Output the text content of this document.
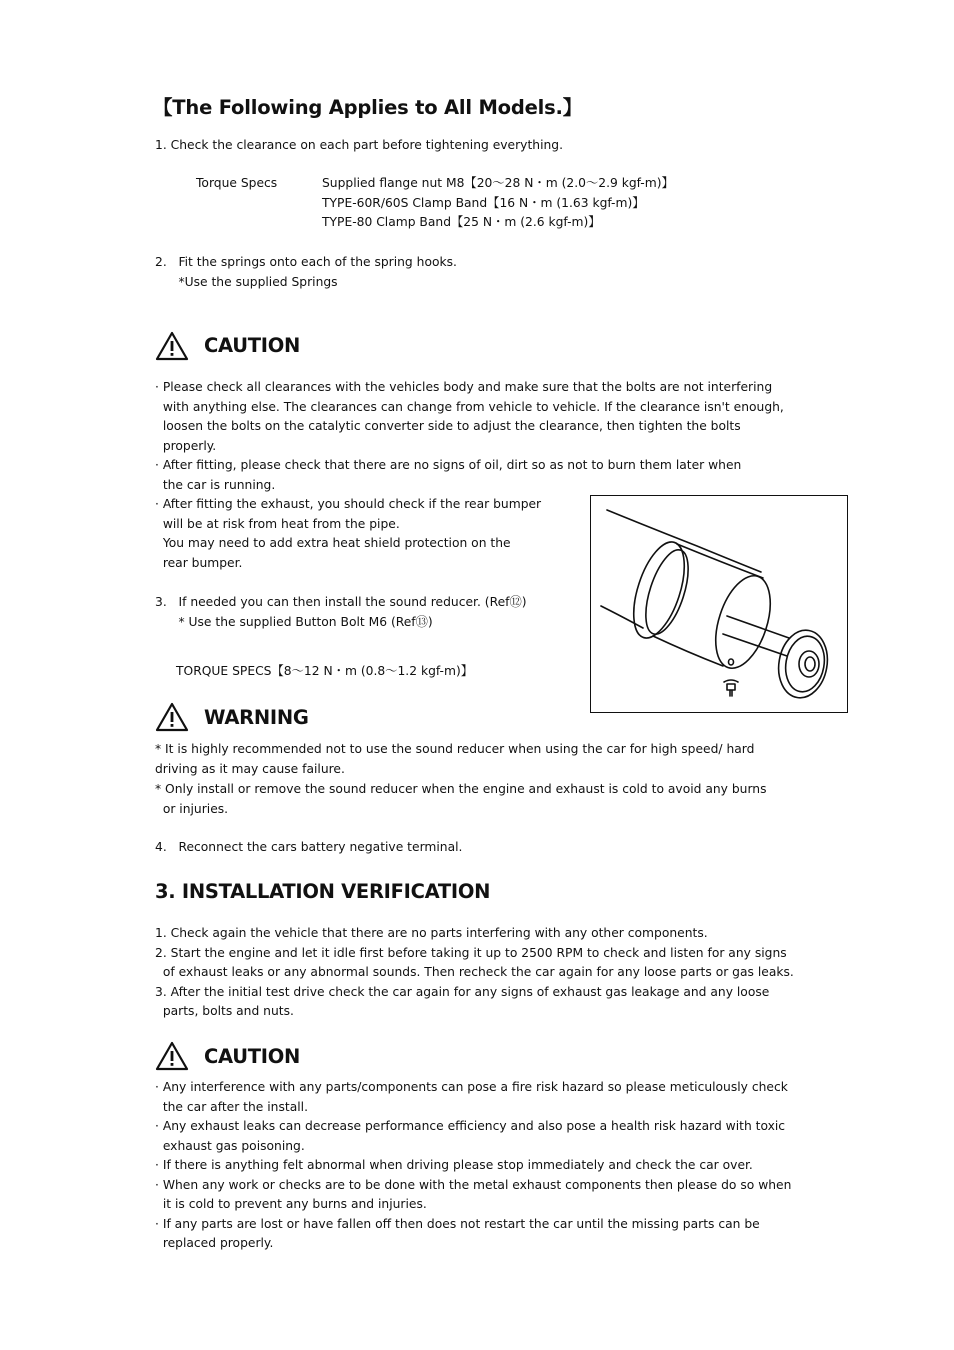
【The Following Applies to All Models.】
1. Check the clearance on each part before tightening everything.
Torque Specs	Supplied flange nut M8【20〜28 N・m (2.0〜2.9 kgf-m)】
TYPE-60R/60S Clamp Band【16 N・m (1.63 kgf-m)】
TYPE-80 Clamp Band【25 N・m (2.6 kgf-m)】
2.   Fit the springs onto each of the spring hooks.
*Use the supplied Springs
CAUTION
· Please check all clearances with the vehicles body and make sure that the bolts are not interfering
with anything else. The clearances can change from vehicle to vehicle. If the clearance isn't enough,
loosen the bolts on the catalytic converter side to adjust the clearance, then tighten the bolts
properly.
· After fitting, please check that there are no signs of oil, dirt so as not to burn them later when
the car is running.
· After fitting the exhaust, you should check if the rear bumper
will be at risk from heat from the pipe.
You may need to add extra heat shield protection on the
rear bumper.
3.   If needed you can then install the sound reducer. (Ref⑫)
* Use the supplied Button Bolt M6 (Ref⑬)
TORQUE SPECS【8〜12 N・m (0.8〜1.2 kgf-m)】
WARNING
* It is highly recommended not to use the sound reducer when using the car for high speed/ hard
driving as it may cause failure.
* Only install or remove the sound reducer when the engine and exhaust is cold to avoid any burns
or injuries.
4.   Reconnect the cars battery negative terminal.
3. INSTALLATION VERIFICATION
1. Check again the vehicle that there are no parts interfering with any other components.
2. Start the engine and let it idle first before taking it up to 2500 RPM to check and listen for any signs
of exhaust leaks or any abnormal sounds. Then recheck the car again for any loose parts or gas leaks.
3. After the initial test drive check the car again for any signs of exhaust gas leakage and any loose
parts, bolts and nuts.
CAUTION
· Any interference with any parts/components can pose a fire risk hazard so please meticulously check
the car after the install.
· Any exhaust leaks can decrease performance efficiency and also pose a health risk hazard with toxic
exhaust gas poisoning.
· If there is anything felt abnormal when driving please stop immediately and check the car over.
· When any work or checks are to be done with the metal exhaust components then please do so when
it is cold to prevent any burns and injuries.
· If any parts are lost or have fallen off then does not restart the car until the missing parts can be
replaced properly.
